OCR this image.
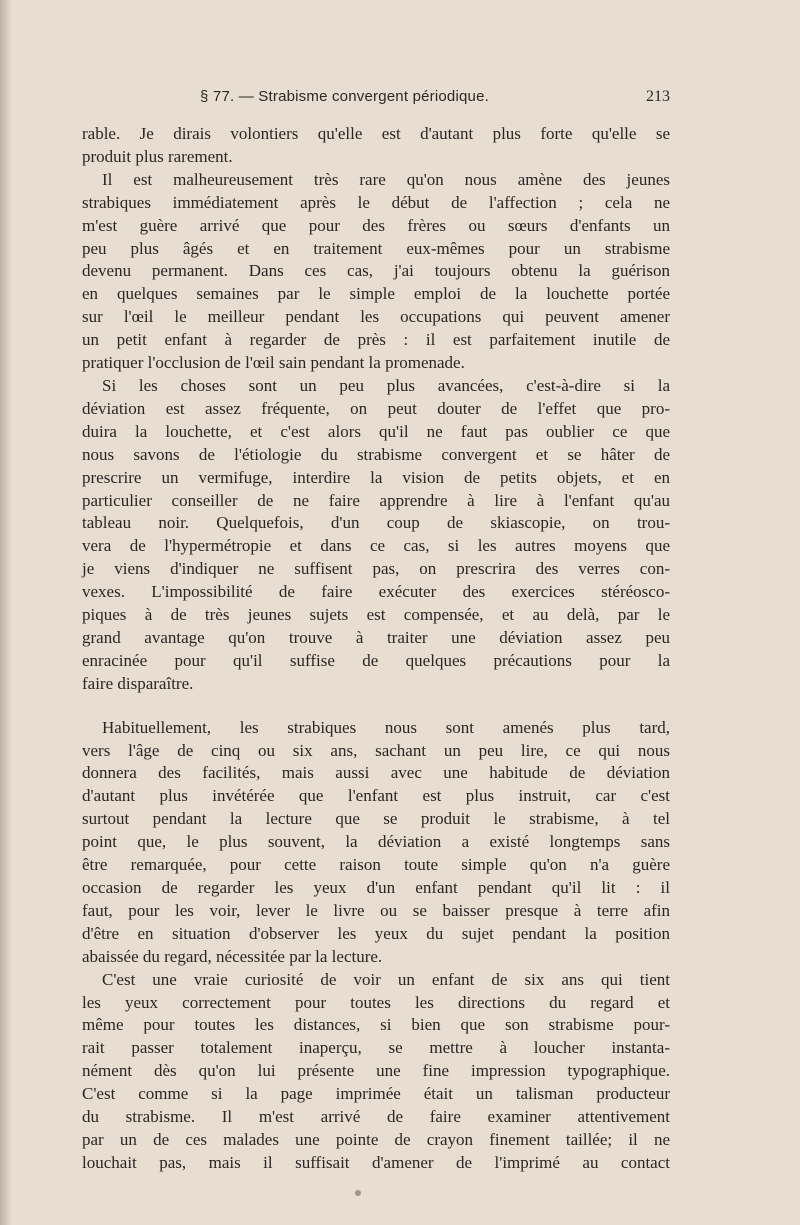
§ 77. — Strabisme convergent périodique.	213
rable. Je dirais volontiers qu'elle est d'autant plus forte qu'elle se
produit plus rarement.
Il est malheureusement très rare qu'on nous amène des jeunes
strabiques immédiatement après le début de l'affection ; cela ne
m'est guère arrivé que pour des frères ou sœurs d'enfants un
peu plus âgés et en traitement eux-mêmes pour un strabisme
devenu permanent. Dans ces cas, j'ai toujours obtenu la guérison
en quelques semaines par le simple emploi de la louchette portée
sur l'œil le meilleur pendant les occupations qui peuvent amener
un petit enfant à regarder de près : il est parfaitement inutile de
pratiquer l'occlusion de l'œil sain pendant la promenade.
Si les choses sont un peu plus avancées, c'est-à-dire si la
déviation est assez fréquente, on peut douter de l'effet que pro-
duira la louchette, et c'est alors qu'il ne faut pas oublier ce que
nous savons de l'étiologie du strabisme convergent et se hâter de
prescrire un vermifuge, interdire la vision de petits objets, et en
particulier conseiller de ne faire apprendre à lire à l'enfant qu'au
tableau noir. Quelquefois, d'un coup de skiascopie, on trou-
vera de l'hypermétropie et dans ce cas, si les autres moyens que
je viens d'indiquer ne suffisent pas, on prescrira des verres con-
vexes. L'impossibilité de faire exécuter des exercices stéréosco-
piques à de très jeunes sujets est compensée, et au delà, par le
grand avantage qu'on trouve à traiter une déviation assez peu
enracinée pour qu'il suffise de quelques précautions pour la
faire disparaître.
Habituellement, les strabiques nous sont amenés plus tard,
vers l'âge de cinq ou six ans, sachant un peu lire, ce qui nous
donnera des facilités, mais aussi avec une habitude de déviation
d'autant plus invétérée que l'enfant est plus instruit, car c'est
surtout pendant la lecture que se produit le strabisme, à tel
point que, le plus souvent, la déviation a existé longtemps sans
être remarquée, pour cette raison toute simple qu'on n'a guère
occasion de regarder les yeux d'un enfant pendant qu'il lit : il
faut, pour les voir, lever le livre ou se baisser presque à terre afin
d'être en situation d'observer les yeux du sujet pendant la position
abaissée du regard, nécessitée par la lecture.
C'est une vraie curiosité de voir un enfant de six ans qui tient
les yeux correctement pour toutes les directions du regard et
même pour toutes les distances, si bien que son strabisme pour-
rait passer totalement inaperçu, se mettre à loucher instanta-
nément dès qu'on lui présente une fine impression typographique.
C'est comme si la page imprimée était un talisman producteur
du strabisme. Il m'est arrivé de faire examiner attentivement
par un de ces malades une pointe de crayon finement taillée; il ne
louchait pas, mais il suffisait d'amener de l'imprimé au contact
